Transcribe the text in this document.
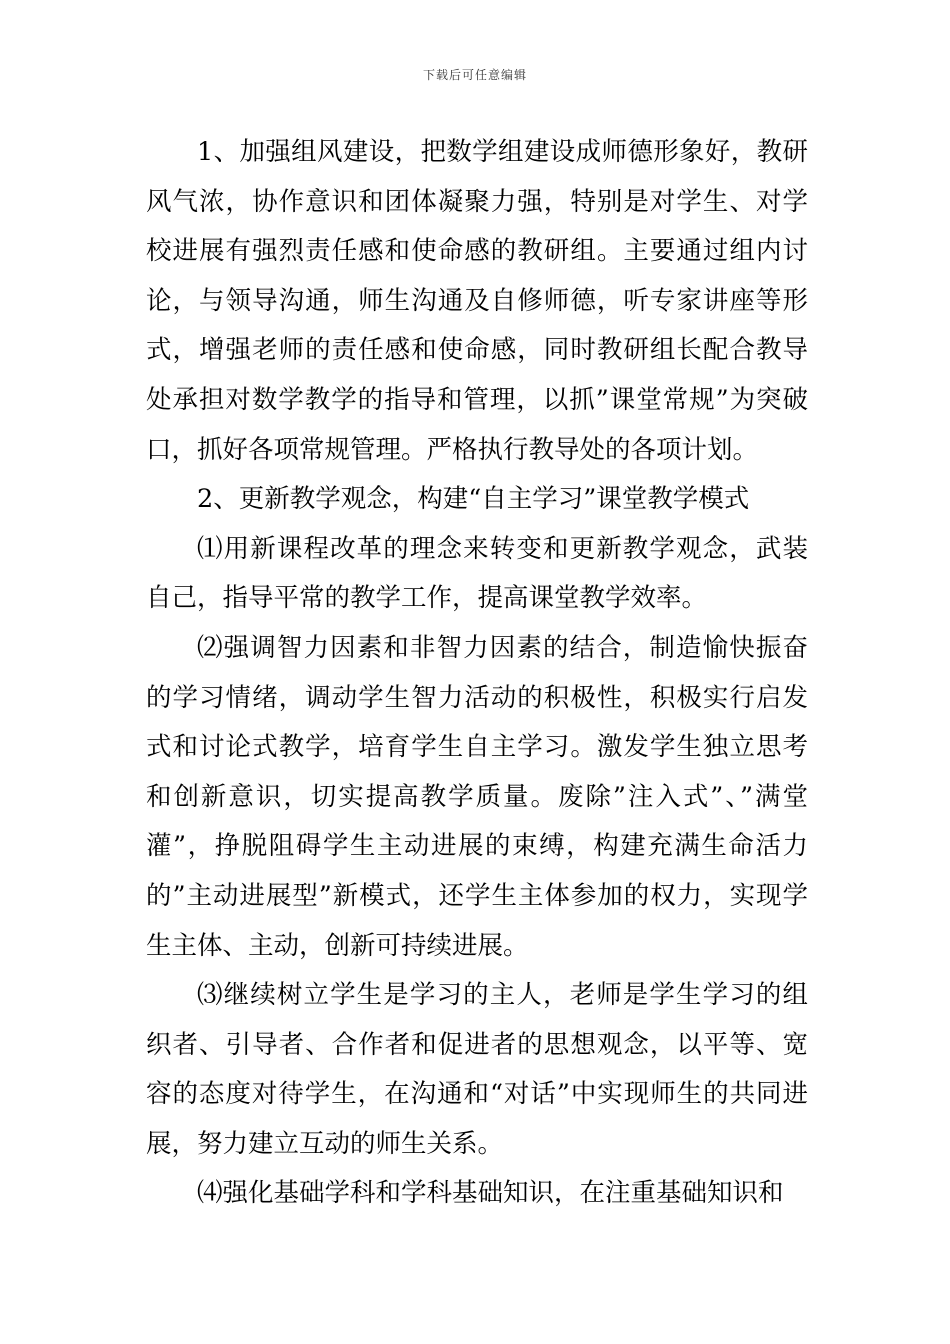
下载后可任意编辑

1、加强组风建设，把数学组建设成师德形象好，教研风气浓，协作意识和团体凝聚力强，特别是对学生、对学校进展有强烈责任感和使命感的教研组。主要通过组内讨论，与领导沟通，师生沟通及自修师德，听专家讲座等形式，增强老师的责任感和使命感，同时教研组长配合教导处承担对数学教学的指导和管理，以抓”课堂常规”为突破口，抓好各项常规管理。严格执行教导处的各项计划。

2、更新教学观念，构建“自主学习”课堂教学模式

⑴用新课程改革的理念来转变和更新教学观念，武装自己，指导平常的教学工作，提高课堂教学效率。

⑵强调智力因素和非智力因素的结合，制造愉快振奋的学习情绪，调动学生智力活动的积极性，积极实行启发式和讨论式教学，培育学生自主学习。激发学生独立思考和创新意识，切实提高教学质量。废除”注入式”、”满堂灌”，挣脱阻碍学生主动进展的束缚，构建充满生命活力的”主动进展型”新模式，还学生主体参加的权力，实现学生主体、主动，创新可持续进展。

⑶继续树立学生是学习的主人，老师是学生学习的组织者、引导者、合作者和促进者的思想观念，以平等、宽容的态度对待学生，在沟通和“对话”中实现师生的共同进展，努力建立互动的师生关系。

⑷强化基础学科和学科基础知识，在注重基础知识和
